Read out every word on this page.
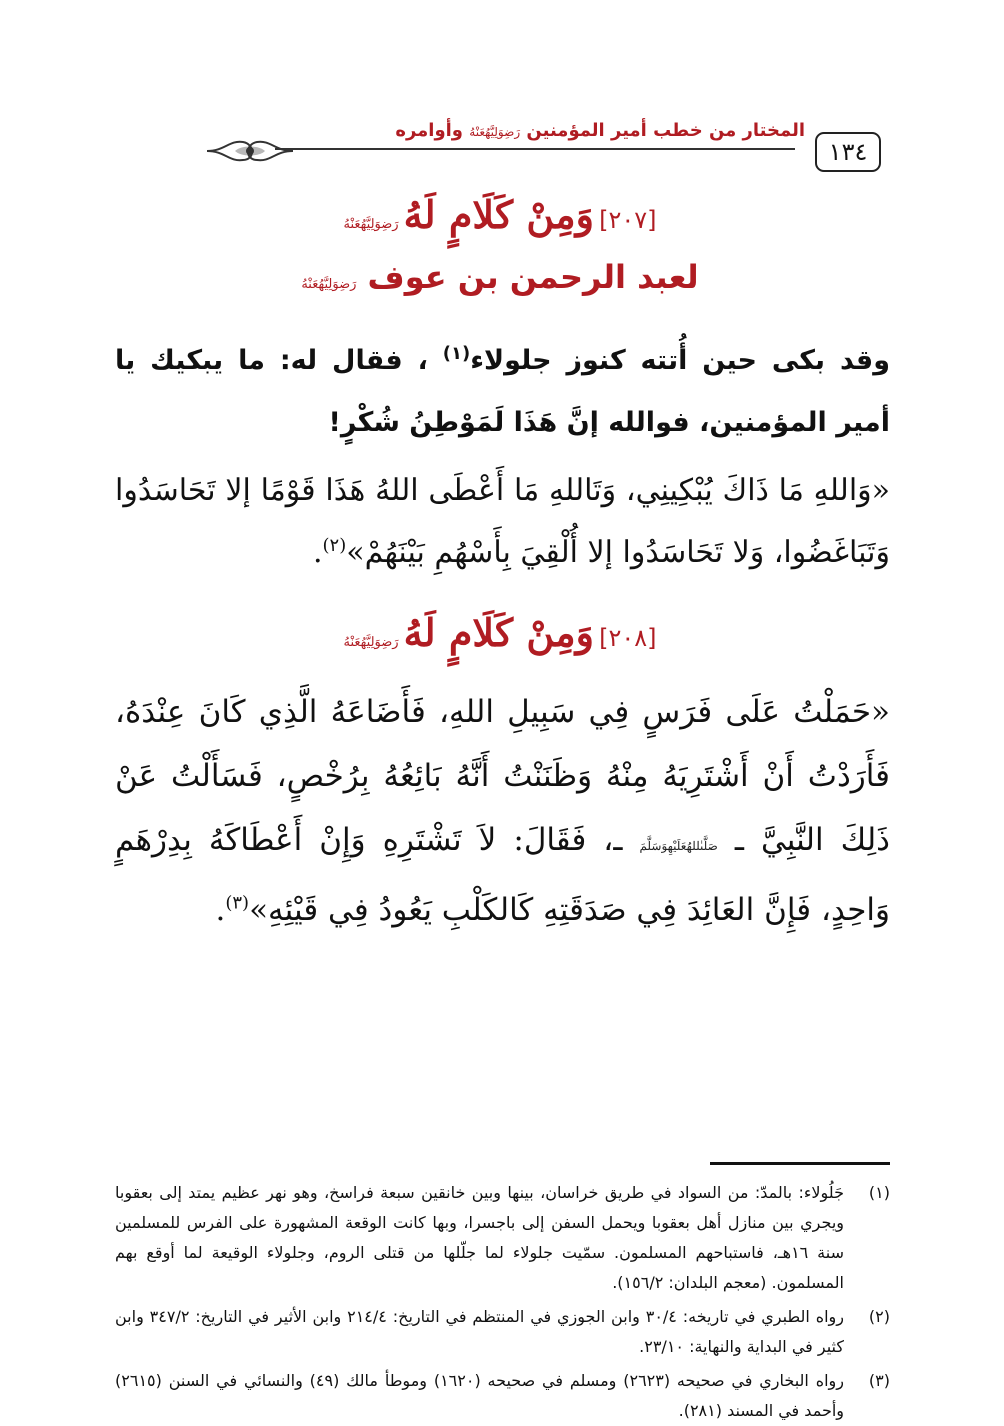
١٣٤
المختار من خطب أمير المؤمنين رَضِوَلِيَّهُعَنْهُ وأوامره
[٢٠٧] وَمِنْ كَلَامٍ لَهُ رَضِوَلِيَّهُعَنْهُ
لعبد الرحمن بن عوف رَضِوَلِيَّهُعَنْهُ
وقد بكى حين أُتته كنوز جلولاء$^{(١)}$ ، فقال له: ما يبكيك يا أمير المؤمنين، فوالله إنَّ هَذَا لَمَوْطِنُ شُكْرٍ!
«وَاللهِ مَا ذَاكَ يُبْكِينِي، وَتَاللهِ مَا أَعْطَى اللهُ هَذَا قَوْمًا إلا تَحَاسَدُوا وَتَبَاغَضُوا، وَلا تَحَاسَدُوا إلا أُلْقِيَ بِأَسْهُمِ بَيْنَهُمْ»$^{(٢)}$.
[٢٠٨] وَمِنْ كَلَامٍ لَهُ رَضِوَلِيَّهُعَنْهُ
«حَمَلْتُ عَلَى فَرَسٍ فِي سَبِيلِ اللهِ، فَأَضَاعَهُ الَّذِي كَانَ عِنْدَهُ، فَأَرَدْتُ أَنْ أَشْتَرِيَهُ مِنْهُ وَظَنَنْتُ أَنَّهُ بَائِعُهُ بِرُخْصٍ، فَسَأَلْتُ عَنْ ذَلِكَ النَّبِيَّ ـ صَلَّىٰللهُعَلَيْهِوَسَلَّمَ ـ، فَقَالَ: لاَ تَشْتَرِهِ وَإِنْ أَعْطَاكَهُ بِدِرْهَمٍ وَاحِدٍ، فَإِنَّ العَائِدَ فِي صَدَقَتِهِ كَالكَلْبِ يَعُودُ فِي قَيْئِهِ»$^{(٣)}$.
(١)
جَلُولاء: بالمدّ: من السواد في طريق خراسان، بينها وبين خانقين سبعة فراسخ، وهو نهر عظيم يمتد إلى بعقوبا ويجري بين منازل أهل بعقوبا ويحمل السفن إلى باجسرا، وبها كانت الوقعة المشهورة على الفرس للمسلمين سنة ١٦هـ، فاستباحهم المسلمون. سمّيت جلولاء لما جلّلها من قتلى الروم، وجلولاء الوقيعة لما أوقع بهم المسلمون. (معجم البلدان: ١٥٦/٢).
(٢)
رواه الطبري في تاريخه: ٣٠/٤ وابن الجوزي في المنتظم في التاريخ: ٢١٤/٤ وابن الأثير في التاريخ: ٣٤٧/٢ وابن كثير في البداية والنهاية: ٢٣/١٠.
(٣)
رواه البخاري في صحيحه (٢٦٢٣) ومسلم في صحيحه (١٦٢٠) وموطأ مالك (٤٩) والنسائي في السنن (٢٦١٥) وأحمد في المسند (٢٨١).
